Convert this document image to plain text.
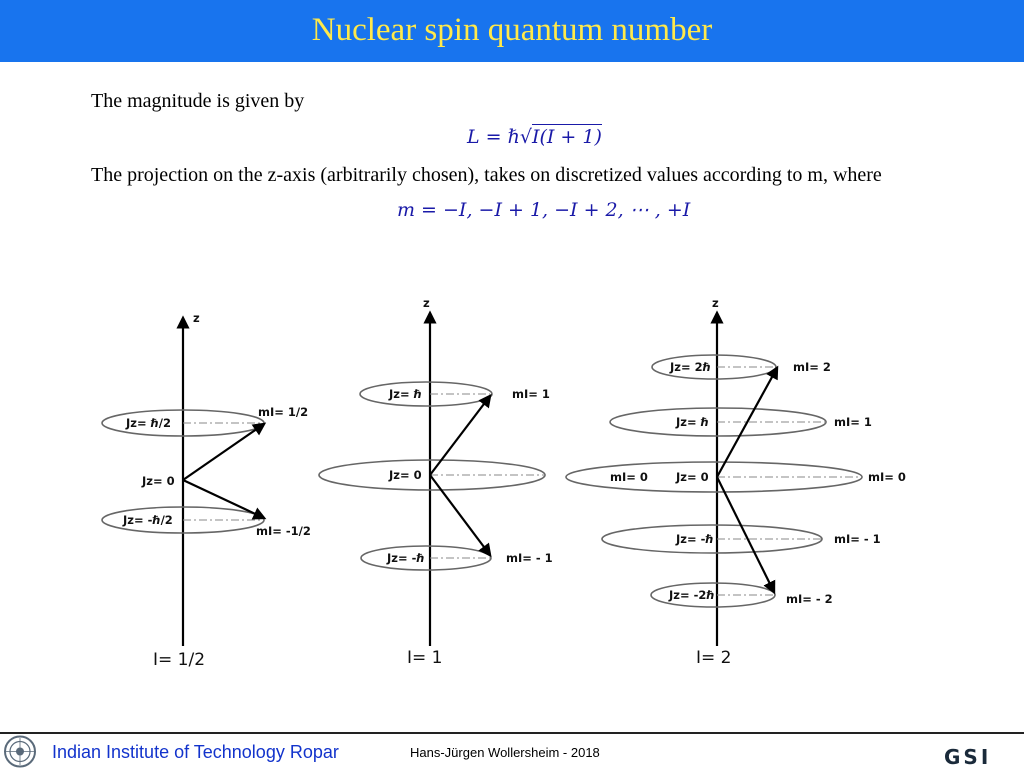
Nuclear spin quantum number
The magnitude is given by
L = ℏ√I(I + 1)
The projection on the z-axis (arbitrarily chosen), takes on discretized values according to m, where
m = −I, −I + 1, −I + 2, ⋯ , +I
z
Jz= ℏ/2
mI= 1/2
Jz= 0
Jz= -ℏ/2
mI= -1/2
I= 1/2
z
Jz= ℏ	mI= 1
Jz= 0
Jz= -ℏ	mI= - 1
I= 1
z
Jz= 2ℏ	mI= 2
Jz= ℏ	mI= 1
mI= 0 Jz= 0	mI= 0
Jz= -ℏ	mI= - 1
Jz= -2ℏ	mI= - 2
I= 2
Indian Institute of Technology Ropar	Hans-Jürgen Wollersheim - 2018	GSI
